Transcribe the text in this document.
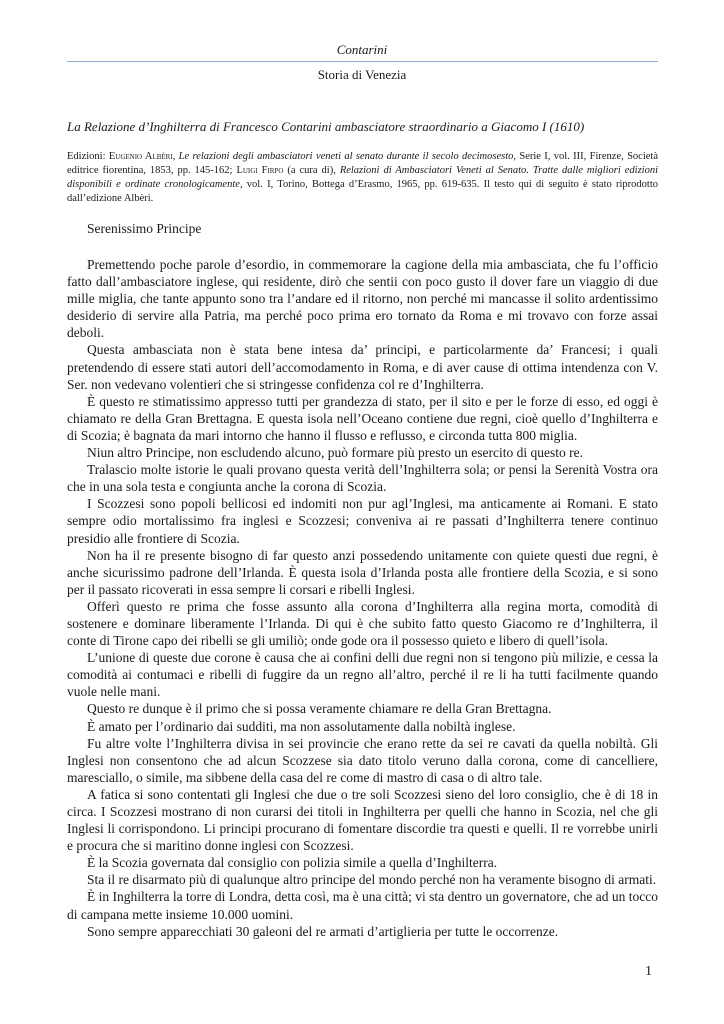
Contarini
Storia di Venezia
La Relazione d’Inghilterra di Francesco Contarini ambasciatore straordinario a Giacomo I (1610)
Edizioni: Eugenio Albèri, Le relazioni degli ambasciatori veneti al senato durante il secolo decimosesto, Serie I, vol. III, Firenze, Società editrice fiorentina, 1853, pp. 145-162; Luigi Firpo (a cura di), Relazioni di Ambasciatori Veneti al Senato. Tratte dalle migliori edizioni disponibili e ordinate cronologicamente, vol. I, Torino, Bottega d’Erasmo, 1965, pp. 619-635. Il testo qui di seguito è stato riprodotto dall’edizione Albèri.
Serenissimo Principe

Premettendo poche parole d’esordio, in commemorare la cagione della mia ambasciata, che fu l’officio fatto dall’ambasciatore inglese, qui residente, dirò che sentii con poco gusto il dover fare un viaggio di due mille miglia, che tante appunto sono tra l’andare ed il ritorno, non perché mi mancasse il solito ardentissimo desiderio di servire alla Patria, ma perché poco prima ero tornato da Roma e mi trovavo con forze assai deboli.

Questa ambasciata non è stata bene intesa da’ principi, e particolarmente da’ Francesi; i quali pretendendo di essere stati autori dell’accomodamento in Roma, e di aver cause di ottima intendenza con V. Ser. non vedevano volentieri che si stringesse confidenza col re d’Inghilterra.

È questo re stimatissimo appresso tutti per grandezza di stato, per il sito e per le forze di esso, ed oggi è chiamato re della Gran Brettagna. E questa isola nell’Oceano contiene due regni, cioè quello d’Inghilterra e di Scozia; è bagnata da mari intorno che hanno il flusso e reflusso, e circonda tutta 800 miglia.

Niun altro Principe, non escludendo alcuno, può formare più presto un esercito di questo re.

Tralascio molte istorie le quali provano questa verità dell’Inghilterra sola; or pensi la Serenità Vostra ora che in una sola testa e congiunta anche la corona di Scozia.

I Scozzesi sono popoli bellicosi ed indomiti non pur agl’Inglesi, ma anticamente ai Romani. E stato sempre odio mortalissimo fra inglesi e Scozzesi; conveniva ai re passati d’Inghilterra tenere continuo presidio alle frontiere di Scozia.

Non ha il re presente bisogno di far questo anzi possedendo unitamente con quiete questi due regni, è anche sicurissimo padrone dell’Irlanda. È questa isola d’Irlanda posta alle frontiere della Scozia, e si sono per il passato ricoverati in essa sempre li corsari e ribelli Inglesi.

Offerì questo re prima che fosse assunto alla corona d’Inghilterra alla regina morta, comodità di sostenere e dominare liberamente l’Irlanda. Di qui è che subito fatto questo Giacomo re d’Inghilterra, il conte di Tirone capo dei ribelli se gli umiliò; onde gode ora il possesso quieto e libero di quell’isola.

L’unione di queste due corone è causa che ai confini delli due regni non si tengono più milizie, e cessa la comodità ai contumaci e ribelli di fuggire da un regno all’altro, perché il re li ha tutti facilmente quando vuole nelle mani.

Questo re dunque è il primo che si possa veramente chiamare re della Gran Brettagna.

È amato per l’ordinario dai sudditi, ma non assolutamente dalla nobiltà inglese.

Fu altre volte l’Inghilterra divisa in sei provincie che erano rette da sei re cavati da quella nobiltà. Gli Inglesi non consentono che ad alcun Scozzese sia dato titolo veruno dalla corona, come di cancelliere, maresciallo, o simile, ma sibbene della casa del re come di mastro di casa o di altro tale.

A fatica si sono contentati gli Inglesi che due o tre soli Scozzesi sieno del loro consiglio, che è di 18 in circa. I Scozzesi mostrano di non curarsi dei titoli in Inghilterra per quelli che hanno in Scozia, nel che gli Inglesi li corrispondono. Li principi procurano di fomentare discordie tra questi e quelli. Il re vorrebbe unirli e procura che si maritino donne inglesi con Scozzesi.

È la Scozia governata dal consiglio con polizia simile a quella d’Inghilterra.

Sta il re disarmato più di qualunque altro principe del mondo perché non ha veramente bisogno di armati.

È in Inghilterra la torre di Londra, detta così, ma è una città; vi sta dentro un governatore, che ad un tocco di campana mette insieme 10.000 uomini.

Sono sempre apparecchiati 30 galeoni del re armati d’artiglieria per tutte le occorrenze.

1
